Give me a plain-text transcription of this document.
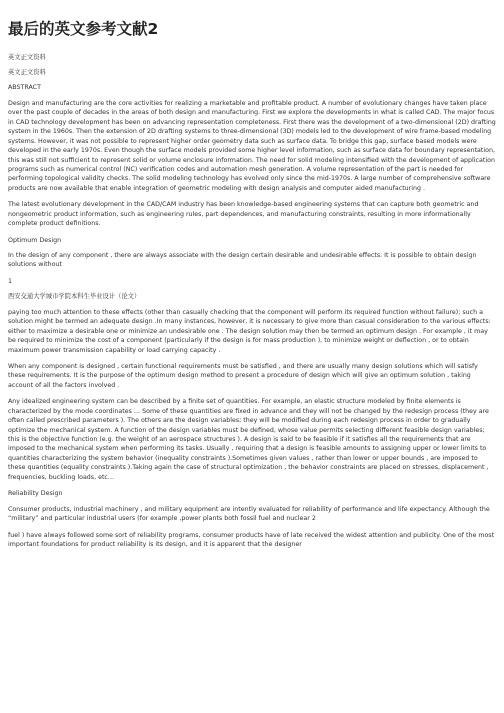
最后的英文参考文献2

英文正文资料

英文正文资料

ABSTRACT

Design and manufacturing are the core activities for realizing a marketable and profitable product. A number of evolutionary changes have taken place over the past couple of decades in the areas of both design and manufacturing. First we explore the developments in what is called CAD. The major focus in CAD technology development has been on advancing representation completeness. First there was the development of a two-dimensional (2D) drafting system in the 1960s. Then the extension of 2D drafting systems to three-dimensional (3D) models led to the development of wire frame-based modeling systems. However, it was not possible to represent higher order geometry data such as surface data. To bridge this gap, surface based models were developed in the early 1970s. Even though the surface models provided some higher level information, such as surface data for boundary representation, this was still not sufficient to represent solid or volume enclosure information. The need for solid modeling intensified with the development of application programs such as numerical control (NC) verification codes and automation mesh generation. A volume representation of the part is needed for performing topological validity checks. The solid modeling technology has evolved only since the mid-1970s. A large number of comprehensive software products are now available that enable integration of geometric modeling with design analysis and computer aided manufacturing .

The latest evolutionary development in the CAD/CAM industry has been knowledge-based engineering systems that can capture both geometric and nongeometric product information, such as engineering rules, part dependences, and manufacturing constraints, resulting in more informationally complete product definitions.

Optimum Design

In the design of any component , there are always associate with the design certain desirable and undesirable effects. It is possible to obtain design solutions without

1

西安交通大学城市学院本科生毕业设计（论文）

paying too much attention to these effects (other than casually checking that the component will perform its required function without failure); such a solution might be termed an adequate design .In many instances, however, it is necessary to give more than casual consideration to the various effects: either to maximize a desirable one or minimize an undesirable one . The design solution may then be termed an optimum design . For example , it may be required to minimize the cost of a component (particularly if the design is for mass production ), to minimize weight or deflection , or to obtain maximum power transmission capability or load carrying capacity .

When any component is designed , certain functional requirements must be satisfied , and there are usually many design solutions which will satisfy these requirements. It is the purpose of the optimum design method to present a procedure of design which will give an optimum solution , taking account of all the factors involved .

Any idealized engineering system can be described by a finite set of quantities. For example, an elastic structure modeled by finite elements is characterized by the mode coordinates … Some of these quantities are fixed in advance and they will not be changed by the redesign process (they are often called prescribed parameters ). The others are the design variables; they will be modified during each redesign process in order to gradually optimize the mechanical system. A function of the design variables must be defined, whose value permits selecting different feasible design variables; this is the objective function (e.g. the weight of an aerospace structures ). A design is said to be feasible if it satisfies all the requirements that are imposed to the mechanical system when performing its tasks. Usually , requiring that a design is feasible amounts to assigning upper or lower limits to quantities characterizing the system behavior (inequality constraints ).Sometimes given values , rather than lower or upper bounds , are imposed to these quantities (equality constraints ).Taking again the case of structural optimization , the behavior constraints are placed on stresses, displacement , frequencies, buckling loads, etc…

Reliability Design

Consumer products, industrial machinery , and military equipment are intently evaluated for reliability of performance and life expectancy. Although the “military” and particular industrial users (for example ,power plants both fossil fuel and nuclear 2

fuel ) have always followed some sort of reliability programs, consumer products have of late received the widest attention and publicity. One of the most important foundations for product reliability is its design, and it is apparent that the designer
